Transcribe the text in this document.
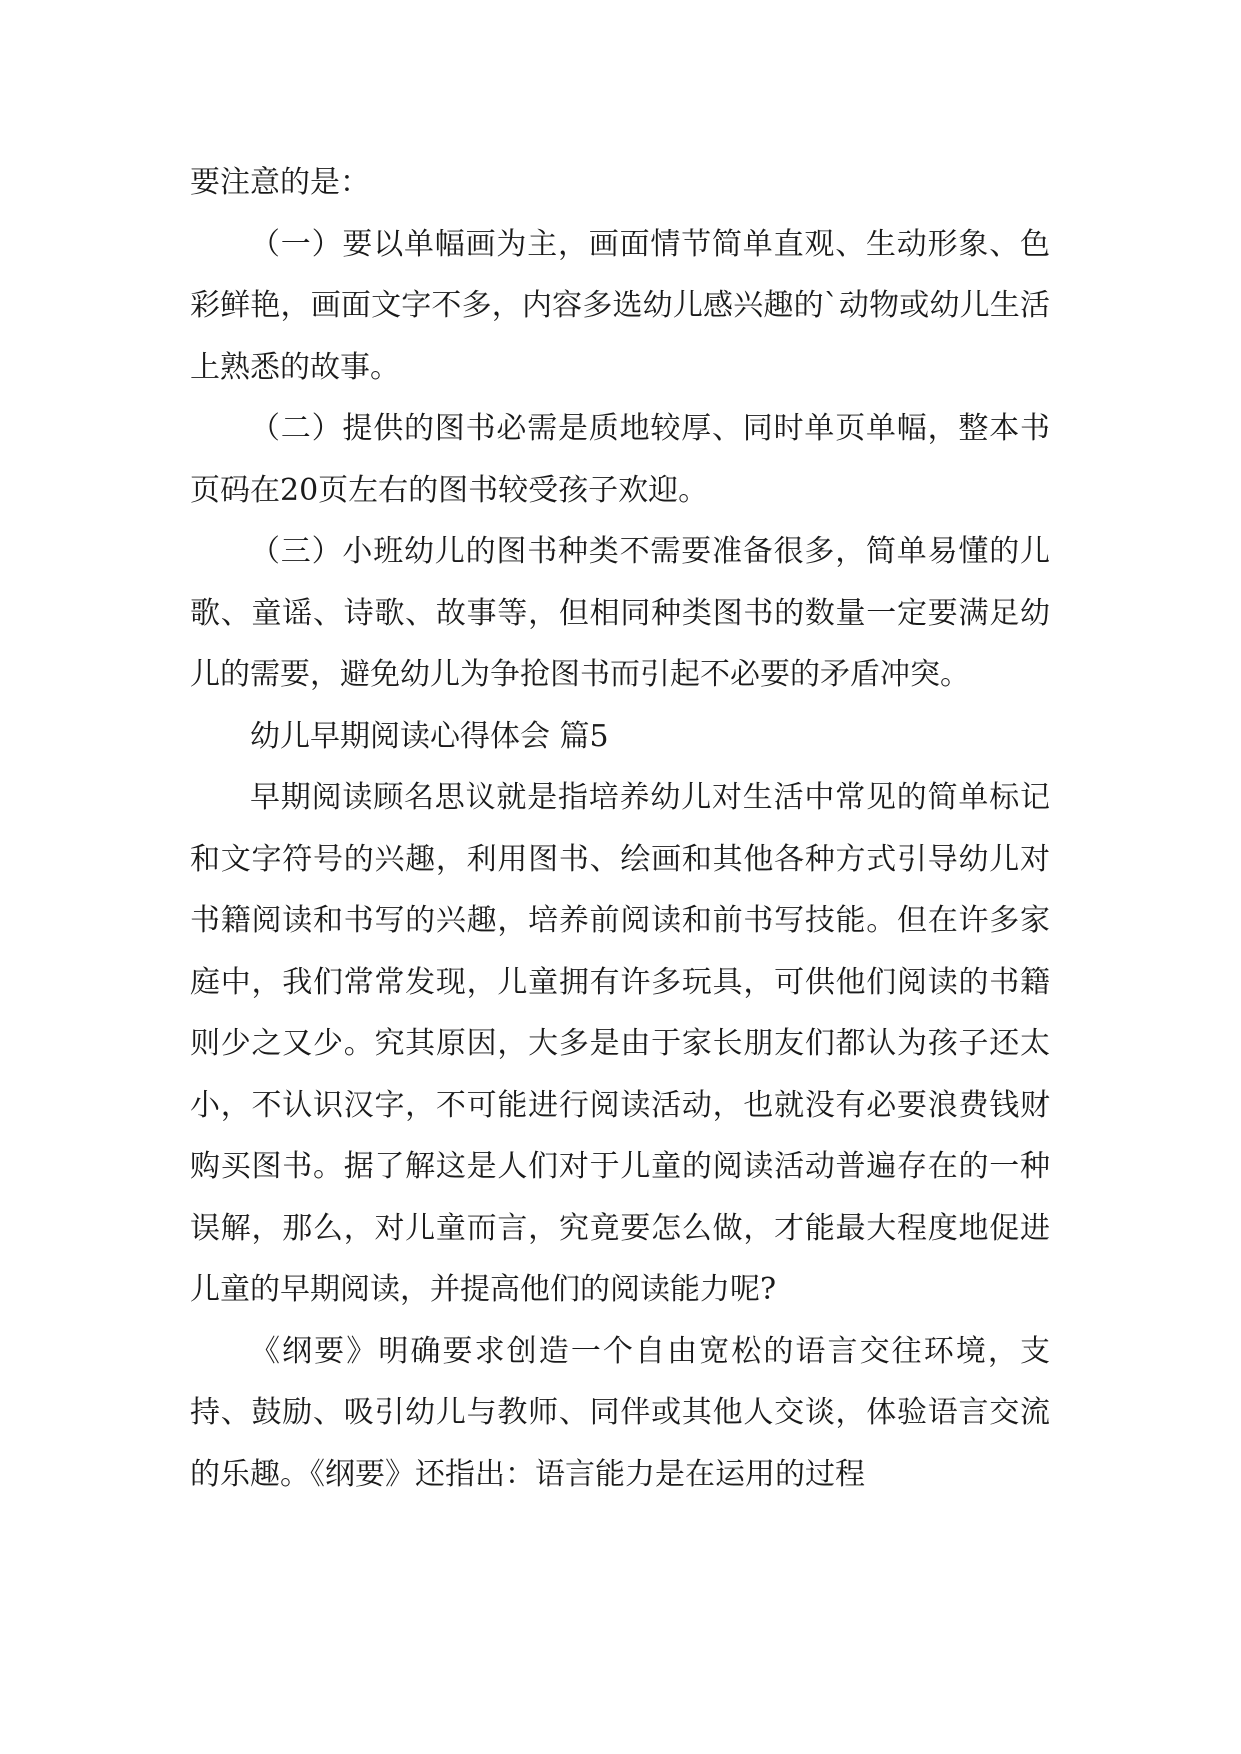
要注意的是：

（一）要以单幅画为主，画面情节简单直观、生动形象、色彩鲜艳，画面文字不多，内容多选幼儿感兴趣的`动物或幼儿生活上熟悉的故事。

（二）提供的图书必需是质地较厚、同时单页单幅，整本书页码在20页左右的图书较受孩子欢迎。

（三）小班幼儿的图书种类不需要准备很多，简单易懂的儿歌、童谣、诗歌、故事等，但相同种类图书的数量一定要满足幼儿的需要，避免幼儿为争抢图书而引起不必要的矛盾冲突。

幼儿早期阅读心得体会 篇5

早期阅读顾名思议就是指培养幼儿对生活中常见的简单标记和文字符号的兴趣，利用图书、绘画和其他各种方式引导幼儿对书籍阅读和书写的兴趣，培养前阅读和前书写技能。但在许多家庭中，我们常常发现，儿童拥有许多玩具，可供他们阅读的书籍则少之又少。究其原因，大多是由于家长朋友们都认为孩子还太小，不认识汉字，不可能进行阅读活动，也就没有必要浪费钱财购买图书。据了解这是人们对于儿童的阅读活动普遍存在的一种误解，那么，对儿童而言，究竟要怎么做，才能最大程度地促进儿童的早期阅读，并提高他们的阅读能力呢?

《纲要》明确要求创造一个自由宽松的语言交往环境，支持、鼓励、吸引幼儿与教师、同伴或其他人交谈，体验语言交流的乐趣。《纲要》还指出：语言能力是在运用的过程
